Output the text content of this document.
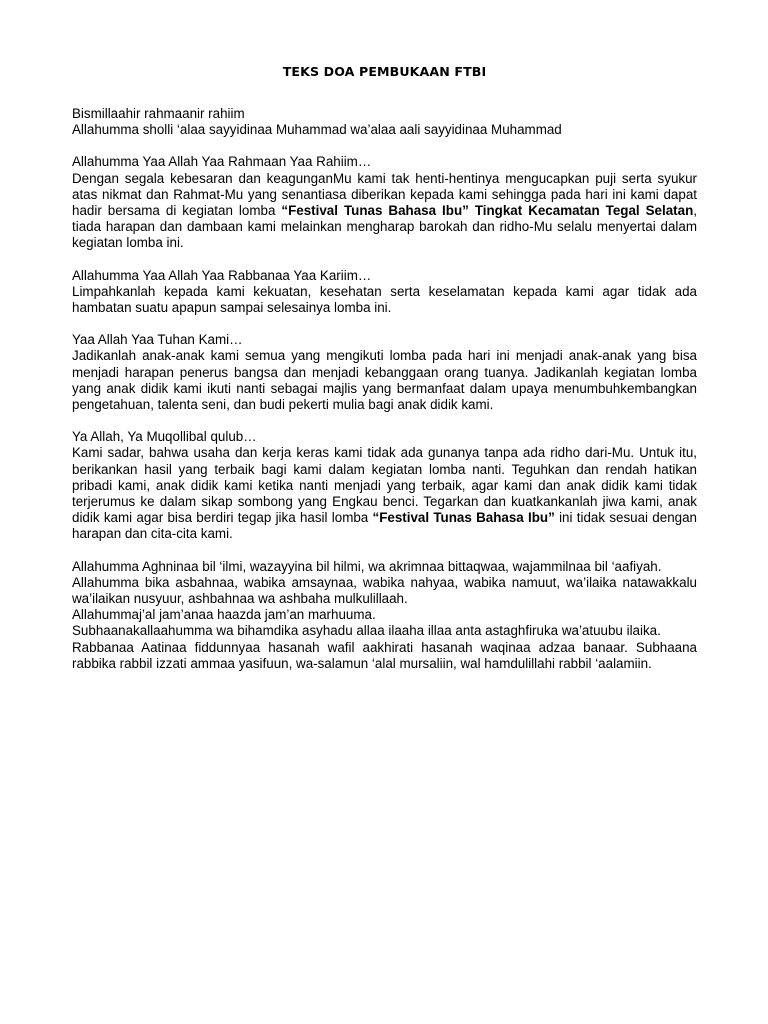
TEKS DOA PEMBUKAAN FTBI

Bismillaahir rahmaanir rahiim

Allahumma sholli ‘alaa sayyidinaa Muhammad wa’alaa aali sayyidinaa Muhammad

Allahumma Yaa Allah Yaa Rahmaan Yaa Rahiim…

Dengan segala kebesaran dan keagunganMu kami tak henti-hentinya mengucapkan puji serta syukur atas nikmat dan Rahmat-Mu yang senantiasa diberikan kepada kami sehingga pada hari ini kami dapat hadir bersama di kegiatan lomba “Festival Tunas Bahasa Ibu” Tingkat Kecamatan Tegal Selatan, tiada harapan dan dambaan kami melainkan mengharap barokah dan ridho-Mu selalu menyertai dalam kegiatan lomba ini.

Allahumma Yaa Allah Yaa Rabbanaa Yaa Kariim…

Limpahkanlah kepada kami kekuatan, kesehatan serta keselamatan kepada kami agar tidak ada hambatan suatu apapun sampai selesainya lomba ini.

Yaa Allah Yaa Tuhan Kami…

Jadikanlah anak-anak kami semua yang mengikuti lomba pada hari ini menjadi anak-anak yang bisa menjadi harapan penerus bangsa dan menjadi kebanggaan orang tuanya. Jadikanlah kegiatan lomba yang anak didik kami ikuti nanti sebagai majlis yang bermanfaat dalam upaya menumbuhkembangkan pengetahuan, talenta seni, dan budi pekerti mulia bagi anak didik kami.

Ya Allah, Ya Muqollibal qulub…

Kami sadar, bahwa usaha dan kerja keras kami tidak ada gunanya tanpa ada ridho dari-Mu. Untuk itu, berikankan hasil yang terbaik bagi kami dalam kegiatan lomba nanti. Teguhkan dan rendah hatikan pribadi kami, anak didik kami ketika nanti menjadi yang terbaik, agar kami dan anak didik kami tidak terjerumus ke dalam sikap sombong yang Engkau benci. Tegarkan dan kuatkankanlah jiwa kami, anak didik kami agar bisa berdiri tegap jika hasil lomba “Festival Tunas Bahasa Ibu” ini tidak sesuai dengan harapan dan cita-cita kami.

Allahumma Aghninaa bil ‘ilmi, wazayyina bil hilmi, wa akrimnaa bittaqwaa, wajammilnaa bil ‘aafiyah.

Allahumma bika asbahnaa, wabika amsaynaa, wabika nahyaa, wabika namuut, wa’ilaika natawakkalu wa’ilaikan nusyuur, ashbahnaa wa ashbaha mulkulillaah.

Allahummaj’al jam’anaa haazda jam’an marhuuma.

Subhaanakallaahumma wa bihamdika asyhadu allaa ilaaha illaa anta astaghfiruka wa’atuubu ilaika.

Rabbanaa Aatinaa fiddunnyaa hasanah wafil aakhirati hasanah waqinaa adzaa banaar. Subhaana rabbika rabbil izzati ammaa yasifuun, wa-salamun ‘alal mursaliin, wal hamdulillahi rabbil ‘aalamiin.
